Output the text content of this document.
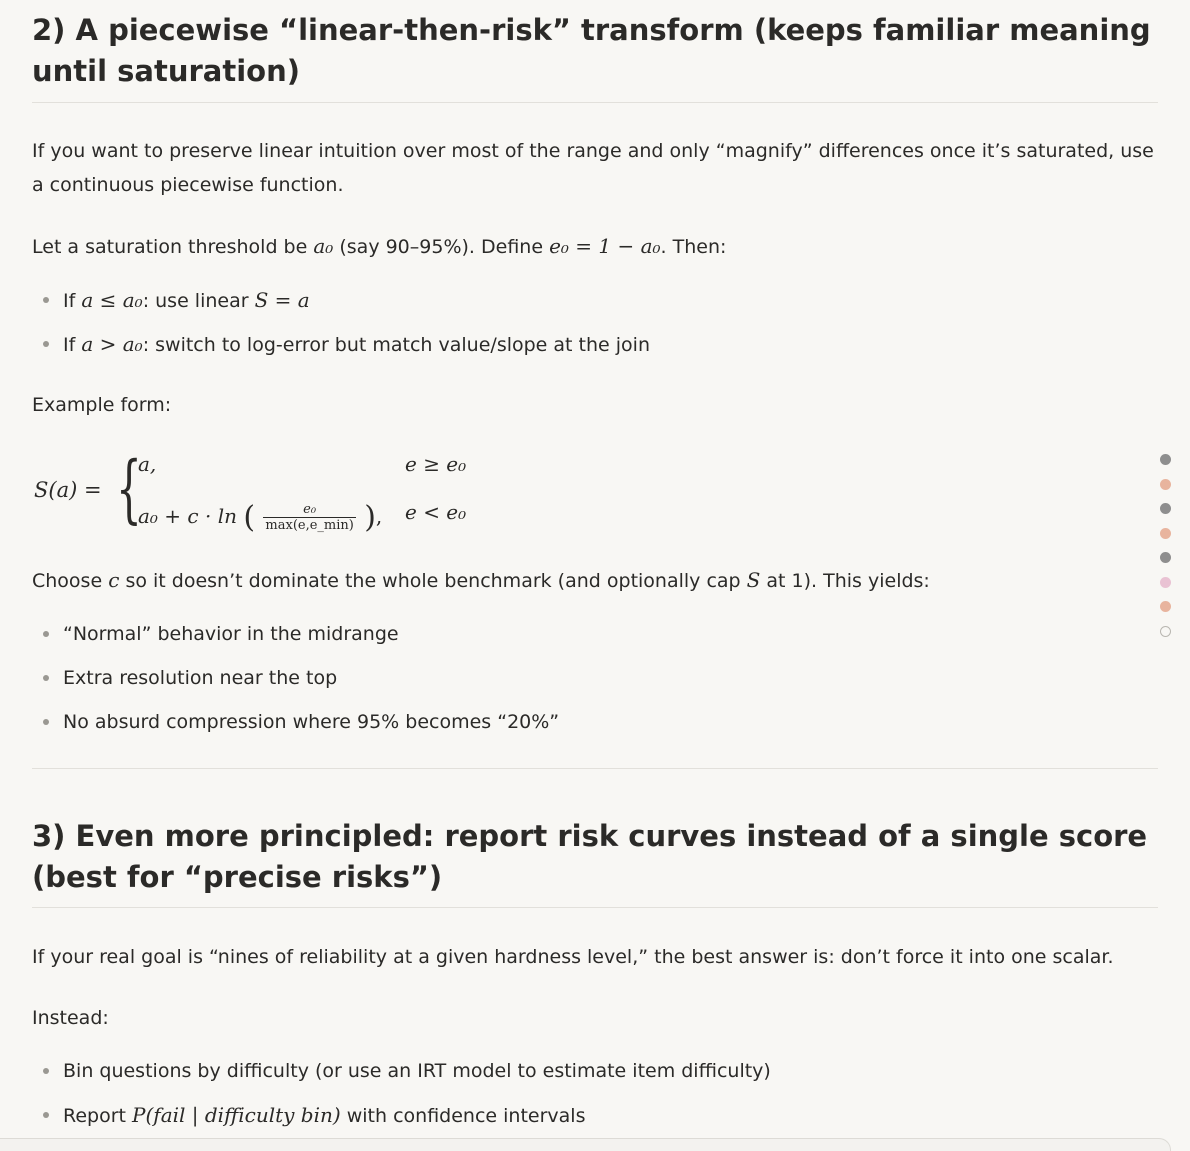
2) A piecewise “linear-then-risk” transform (keeps familiar meaning until saturation)

If you want to preserve linear intuition over most of the range and only “magnify” differences once it’s saturated, use a continuous piecewise function.

Let a saturation threshold be a₀ (say 90–95%). Define e₀ = 1 − a₀. Then:

If a ≤ a₀: use linear S = a
If a > a₀: switch to log-error but match value/slope at the join

Example form:

S(a) = {
a,	e ≥ e₀
a₀ + c · ln ( $\frac{\text{e₀}}{\max(e,e\_\min)}$ ), e < e₀

Choose c so it doesn’t dominate the whole benchmark (and optionally cap S at 1). This yields:

“Normal” behavior in the midrange
Extra resolution near the top
No absurd compression where 95% becomes “20%”
3) Even more principled: report risk curves instead of a single score (best for “precise risks”)

If your real goal is “nines of reliability at a given hardness level,” the best answer is: don’t force it into one scalar.

Instead:

Bin questions by difficulty (or use an IRT model to estimate item difficulty)
Report P(fail | difficulty bin) with confidence intervals
